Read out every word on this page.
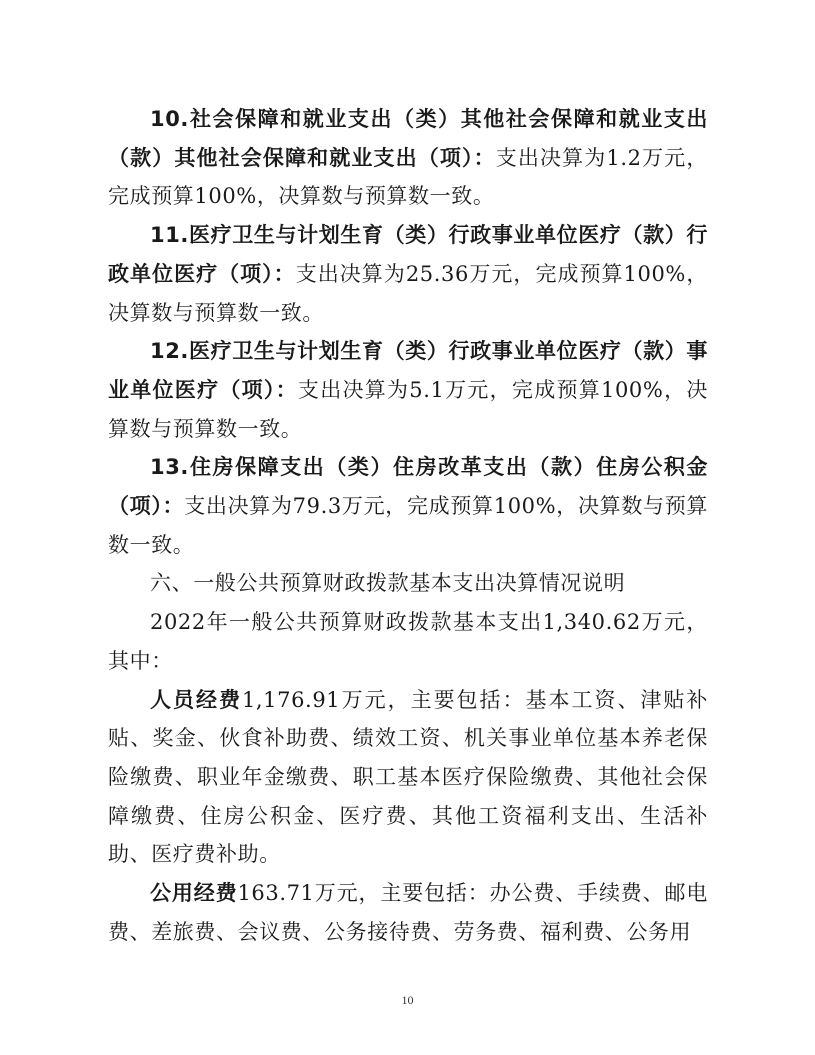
10.社会保障和就业支出（类）其他社会保障和就业支出（款）其他社会保障和就业支出（项）：支出决算为1.2万元，完成预算100%，决算数与预算数一致。

11.医疗卫生与计划生育（类）行政事业单位医疗（款）行政单位医疗（项）：支出决算为25.36万元，完成预算100%，决算数与预算数一致。

12.医疗卫生与计划生育（类）行政事业单位医疗（款）事业单位医疗（项）：支出决算为5.1万元，完成预算100%，决算数与预算数一致。

13.住房保障支出（类）住房改革支出（款）住房公积金（项）：支出决算为79.3万元，完成预算100%，决算数与预算数一致。

六、一般公共预算财政拨款基本支出决算情况说明

2022年一般公共预算财政拨款基本支出1,340.62万元，其中：

人员经费1,176.91万元，主要包括：基本工资、津贴补贴、奖金、伙食补助费、绩效工资、机关事业单位基本养老保险缴费、职业年金缴费、职工基本医疗保险缴费、其他社会保障缴费、住房公积金、医疗费、其他工资福利支出、生活补助、医疗费补助。

公用经费163.71万元，主要包括：办公费、手续费、邮电费、差旅费、会议费、公务接待费、劳务费、福利费、公务用

10
